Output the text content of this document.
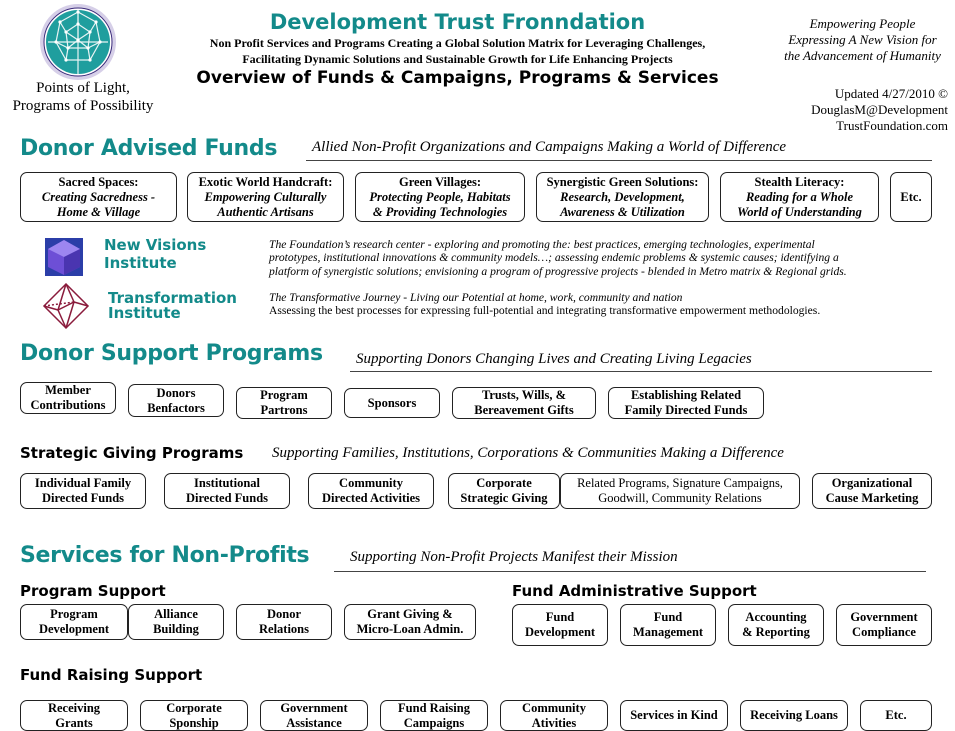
Points of Light,
Programs of Possibility
Development Trust Fronndation
Non Profit Services and Programs Creating a Global Solution Matrix for Leveraging Challenges,
Facilitating Dynamic Solutions and Sustainable Growth for Life Enhancing Projects
Overview of Funds & Campaigns, Programs & Services
Empowering People
Expressing A New Vision for
the Advancement of Humanity
Updated 4/27/2010 ©
DouglasM@Development
TrustFoundation.com
Donor Advised Funds Allied Non-Profit Organizations and Campaigns Making a World of Difference
Sacred Spaces:
Creating Sacredness -
Home & Village
Exotic World Handcraft:
Empowering Culturally
Authentic Artisans
Green Villages:
Protecting People, Habitats
& Providing Technologies
Synergistic Green Solutions:
Research, Development,
Awareness & Utilization
Stealth Literacy:
Reading for a Whole
World of Understanding
Etc.
New Visions
Institute
The Foundation’s research center - exploring and promoting the: best practices, emerging technologies, experimental
prototypes, institutional innovations & community models…; assessing endemic problems & systemic causes; identifying a
platform of synergistic solutions; envisioning a program of progressive projects - blended in Metro matrix & Regional grids.
Transformation
Institute
The Transformative Journey - Living our Potential at home, work, community and nation
Assessing the best processes for expressing full-potential and integrating transformative empowerment methodologies.
Donor Support Programs Supporting Donors Changing Lives and Creating Living Legacies
Member
Contributions
Donors
Benfactors
Program
Partrons
Sponsors
Trusts, Wills, &
Bereavement Gifts
Establishing Related
Family Directed Funds
Strategic Giving Programs Supporting Families, Institutions, Corporations & Communities Making a Difference
Individual Family
Directed Funds
Institutional
Directed Funds
Community
Directed Activities
Corporate
Strategic Giving
Related Programs, Signature Campaigns,
Goodwill, Community Relations
Organizational
Cause Marketing
Services for Non-Profits	Supporting Non-Profit Projects Manifest their Mission
Program Support
Program
Development
Alliance
Building
Donor
Relations
Grant Giving &
Micro-Loan Admin.
Fund Administrative Support
Fund
Development
Fund
Management
Accounting
& Reporting
Government
Compliance
Fund Raising Support
Receiving
Grants
Corporate
Sponship
Government
Assistance
Fund Raising
Campaigns
Community
Ativities
Services in Kind	Receiving Loans	Etc.
